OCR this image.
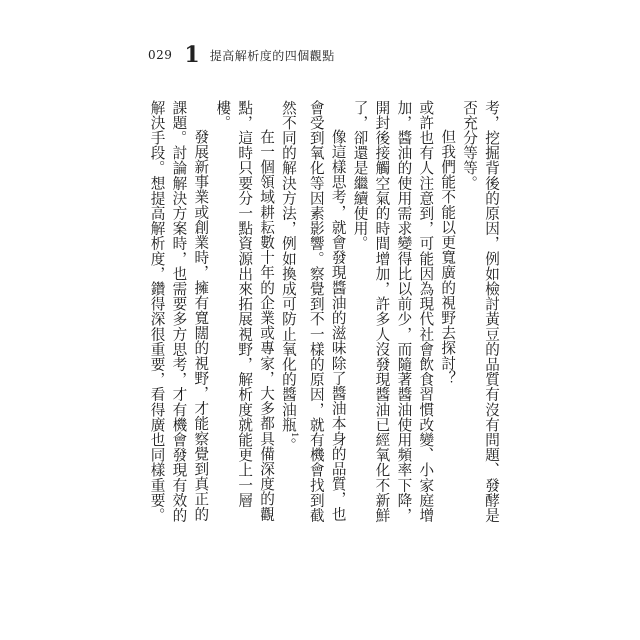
029 1 提高解析度的四個觀點

考，挖掘背後的原因，例如檢討黃豆的品質有沒有問題、發酵是否充分等等。

但我們能不能以更寬廣的視野去探討？

或許也有人注意到，可能因為現代社會飲食習慣改變、小家庭增加，醬油的使用需求變得比以前少，而隨著醬油使用頻率下降，開封後接觸空氣的時間增加，許多人沒發現醬油已經氧化不新鮮了，卻還是繼續使用。

像這樣思考，就會發現醬油的滋味除了醬油本身的品質，也會受到氧化等因素影響。察覺到不一樣的原因，就有機會找到截然不同的解決方法，例如換成可防止氧化的醬油瓶$^1$。

在一個領域耕耘數十年的企業或專家，大多都具備深度的觀點，這時只要分一點資源出來拓展視野，解析度就能更上一層樓。

發展新事業或創業時，擁有寬闊的視野，才能察覺到真正的課題。討論解決方案時，也需要多方思考，才有機會發現有效的解決手段。想提高解析度，鑽得深很重要，看得廣也同樣重要。
